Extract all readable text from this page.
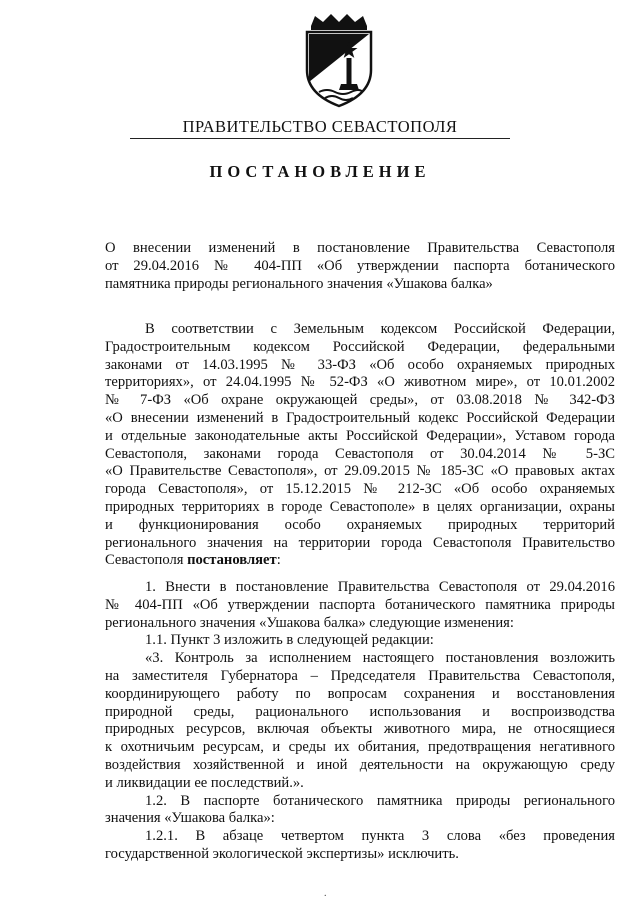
ПРАВИТЕЛЬСТВО СЕВАСТОПОЛЯ
ПОСТАНОВЛЕНИЕ

О внесении изменений в постановление Правительства Севастополя

от 29.04.2016 № 404-ПП «Об утверждении паспорта ботанического

памятника природы регионального значения «Ушакова балка»

В соответствии с Земельным кодексом Российской Федерации,

Градостроительным кодексом Российской Федерации, федеральными

законами от 14.03.1995 № 33-ФЗ «Об особо охраняемых природных

территориях», от 24.04.1995 № 52-ФЗ «О животном мире», от 10.01.2002

№ 7-ФЗ «Об охране окружающей среды», от 03.08.2018 № 342-ФЗ

«О внесении изменений в Градостроительный кодекс Российской Федерации

и отдельные законодательные акты Российской Федерации», Уставом города

Севастополя, законами города Севастополя от 30.04.2014 № 5-ЗС

«О Правительстве Севастополя», от 29.09.2015 № 185-ЗС «О правовых актах

города Севастополя», от 15.12.2015 № 212-ЗС «Об особо охраняемых

природных территориях в городе Севастополе» в целях организации, охраны

и функционирования особо охраняемых природных территорий

регионального значения на территории города Севастополя Правительство

Севастополя постановляет:

1. Внести в постановление Правительства Севастополя от 29.04.2016

№ 404-ПП «Об утверждении паспорта ботанического памятника природы

регионального значения «Ушакова балка» следующие изменения:

1.1. Пункт 3 изложить в следующей редакции:

«3. Контроль за исполнением настоящего постановления возложить

на заместителя Губернатора – Председателя Правительства Севастополя,

координирующего работу по вопросам сохранения и восстановления

природной среды, рационального использования и воспроизводства

природных ресурсов, включая объекты животного мира, не относящиеся

к охотничьим ресурсам, и среды их обитания, предотвращения негативного

воздействия хозяйственной и иной деятельности на окружающую среду

и ликвидации ее последствий.».

1.2. В паспорте ботанического памятника природы регионального

значения «Ушакова балка»:

1.2.1. В абзаце четвертом пункта 3 слова «без проведения

государственной экологической экспертизы» исключить.

.
